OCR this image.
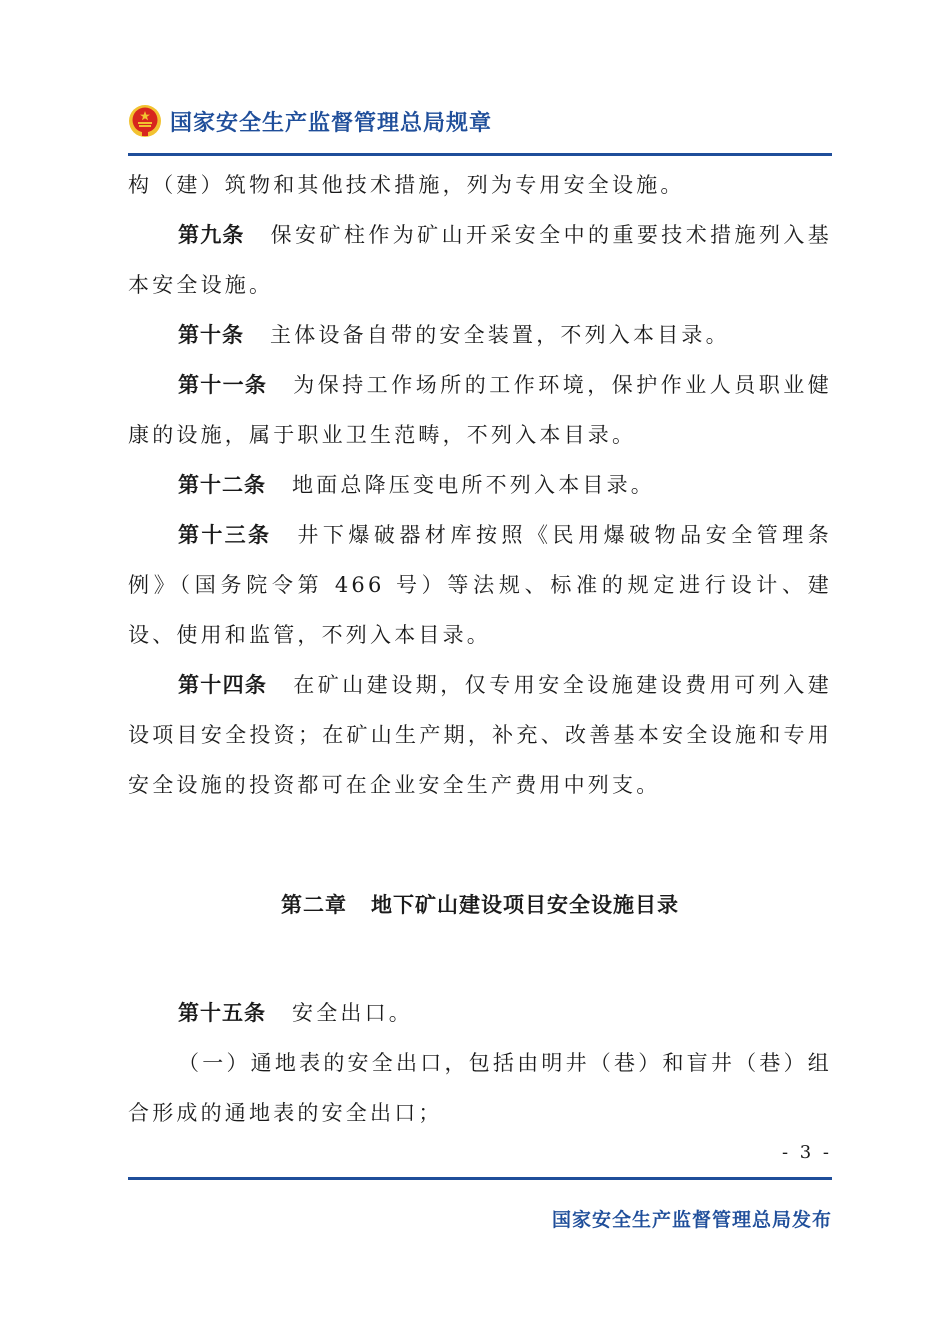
国家安全生产监督管理总局规章

构（建）筑物和其他技术措施，列为专用安全设施。

第九条 保安矿柱作为矿山开采安全中的重要技术措施列入基本安全设施。

第十条 主体设备自带的安全装置，不列入本目录。

第十一条 为保持工作场所的工作环境，保护作业人员职业健康的设施，属于职业卫生范畴，不列入本目录。

第十二条 地面总降压变电所不列入本目录。

第十三条 井下爆破器材库按照《民用爆破物品安全管理条例》（国务院令第 466 号）等法规、标准的规定进行设计、建设、使用和监管，不列入本目录。

第十四条 在矿山建设期，仅专用安全设施建设费用可列入建设项目安全投资；在矿山生产期，补充、改善基本安全设施和专用安全设施的投资都可在企业安全生产费用中列支。

第二章 地下矿山建设项目安全设施目录

第十五条 安全出口。

（一）通地表的安全出口，包括由明井（巷）和盲井（巷）组合形成的通地表的安全出口；

- 3 -
国家安全生产监督管理总局发布
